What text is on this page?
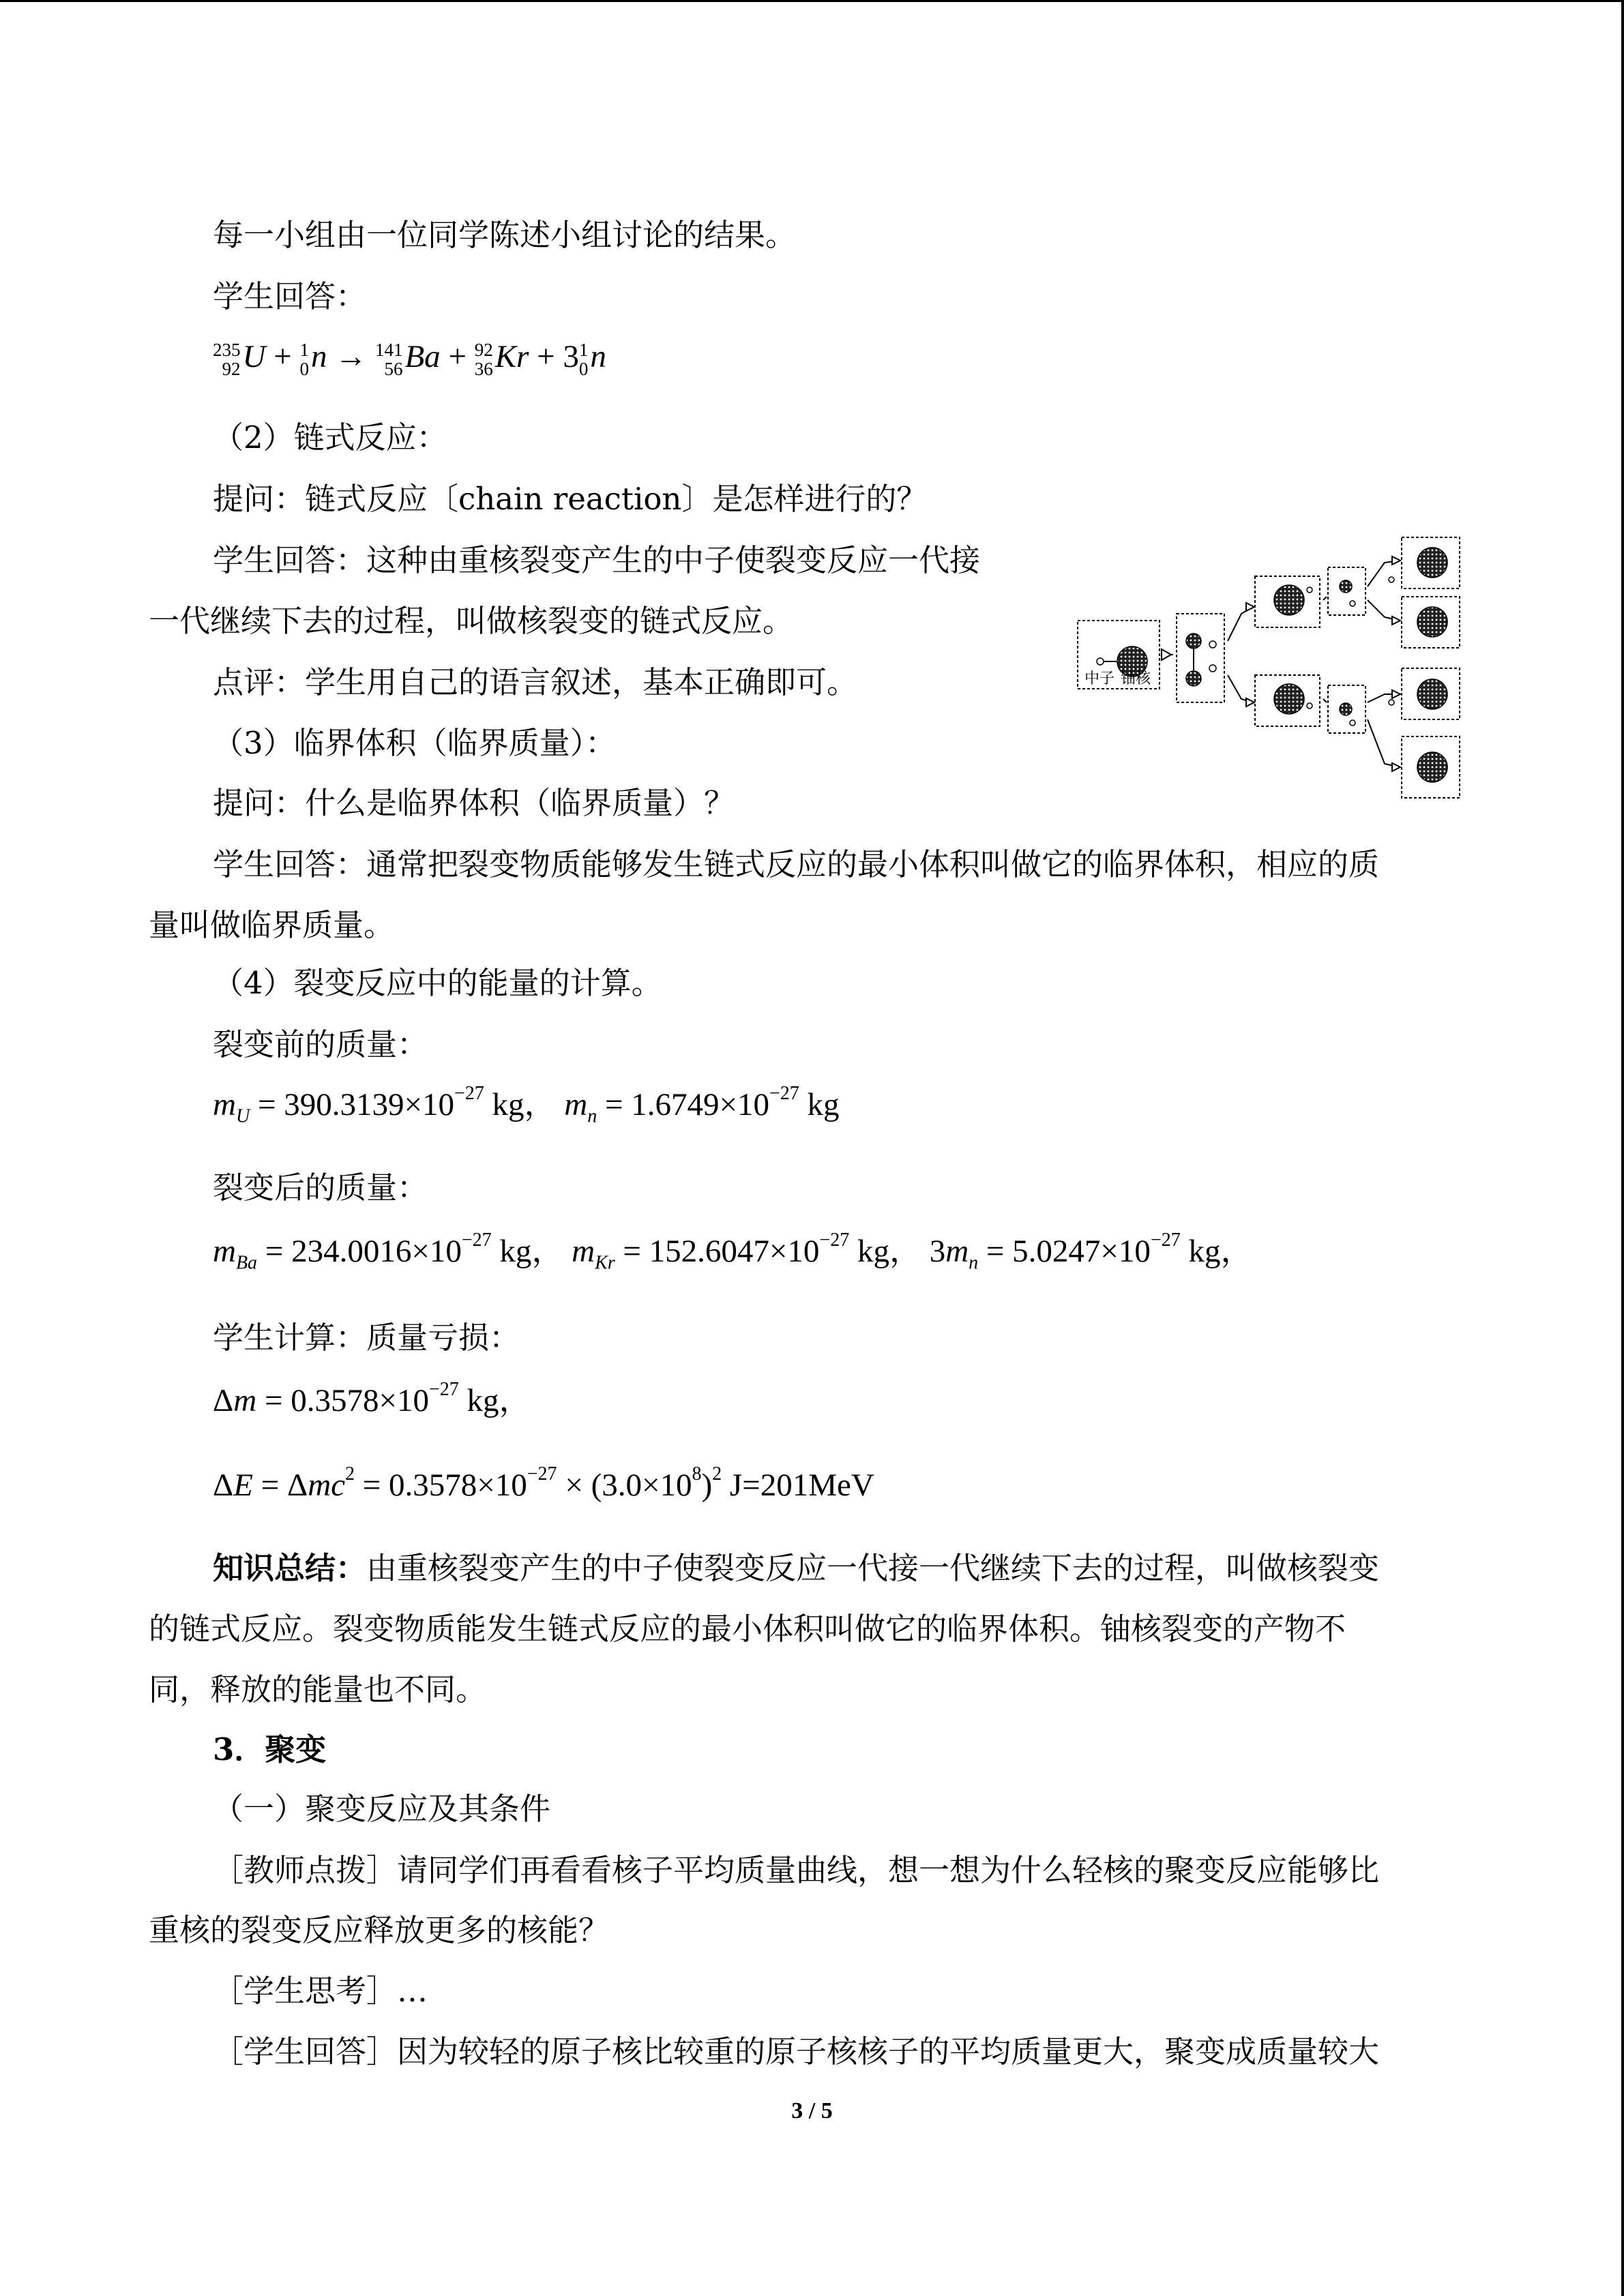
每一小组由一位同学陈述小组讨论的结果。
学生回答：
235
92 U + 1
0 n → 141
56 Ba + 92
36 Kr + 3 1
0 n
（2）链式反应：
提问：链式反应〔chain reaction〕是怎样进行的？
学生回答：这种由重核裂变产生的中子使裂变反应一代接
一代继续下去的过程，叫做核裂变的链式反应。
点评：学生用自己的语言叙述，基本正确即可。
（3）临界体积（临界质量）：
提问：什么是临界体积（临界质量）？
学生回答：通常把裂变物质能够发生链式反应的最小体积叫做它的临界体积，相应的质
量叫做临界质量。
（4）裂变反应中的能量的计算。
裂变前的质量：
$m_U = 390.3139\times 10^{-27}$ kg， $m_n = 1.6749\times 10^{-27}$ kg
裂变后的质量：
$m_{Ba} = 234.0016\times 10^{-27}$ kg， $m_{Kr} = 152.6047\times 10^{-27}$ kg， $3m_n = 5.0247\times 10^{-27}$ kg，
学生计算：质量亏损：
$\Delta m = 0.3578\times 10^{-27}$ kg，
$\Delta E = \Delta mc^2 = 0.3578\times 10^{-27} \times (3.0\times 10^8)^2$ J=201MeV
知识总结：由重核裂变产生的中子使裂变反应一代接一代继续下去的过程，叫做核裂变
的链式反应。裂变物质能发生链式反应的最小体积叫做它的临界体积。铀核裂变的产物不
同，释放的能量也不同。
3．聚变
（一）聚变反应及其条件
［教师点拨］请同学们再看看核子平均质量曲线，想一想为什么轻核的聚变反应能够比
重核的裂变反应释放更多的核能？
［学生思考］…
［学生回答］因为较轻的原子核比较重的原子核核子的平均质量更大，聚变成质量较大
中子 铀核
3 / 5
